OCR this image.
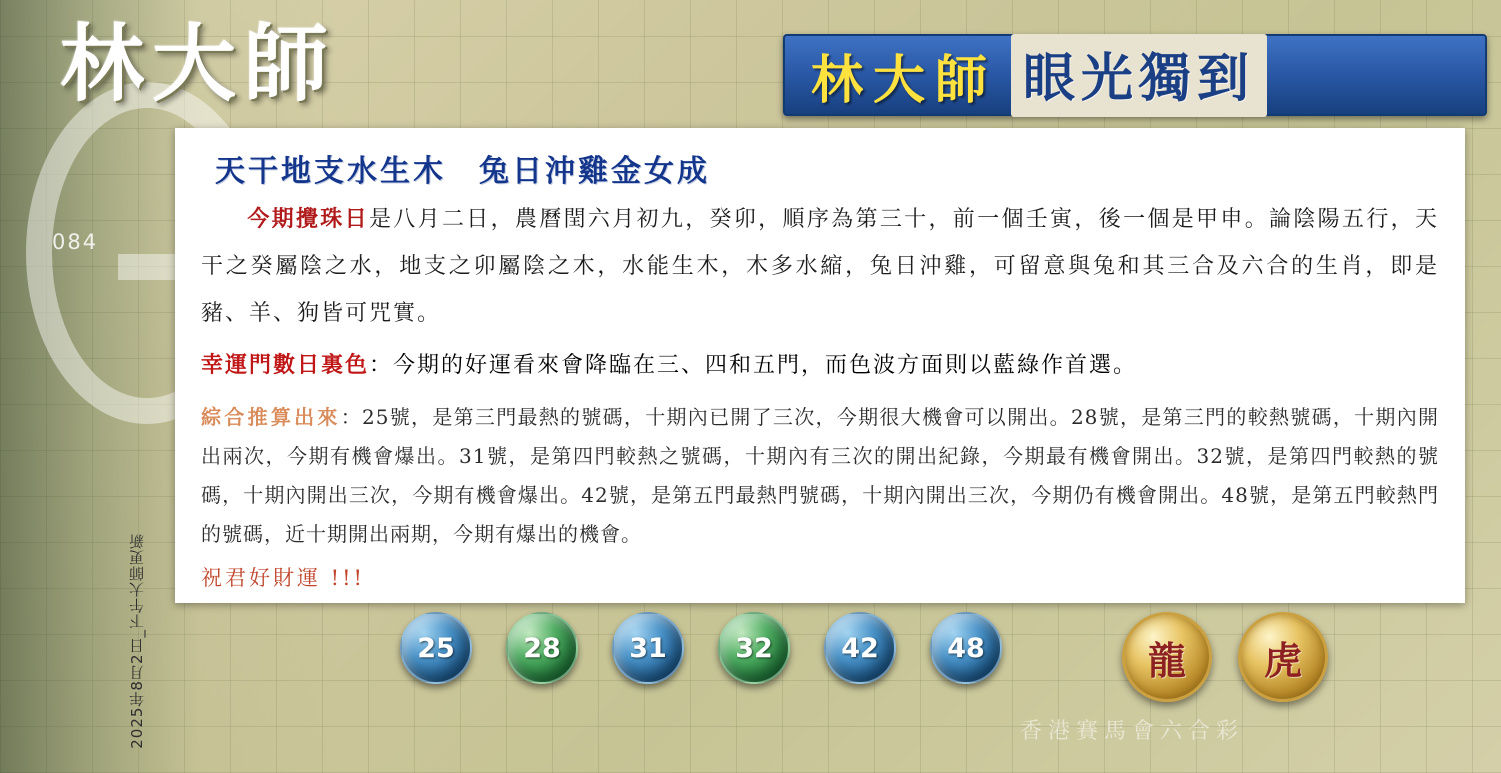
084
2025年8月2日_下午大師更新
林大師	林大師 眼光獨到
天干地支水生木　兔日沖雞金女成

今期攪珠日是八月二日，農曆閏六月初九，癸卯，順序為第三十，前一個壬寅，後一個是甲申。論陰陽五行，天干之癸屬陰之水，地支之卯屬陰之木，水能生木，木多水縮，兔日沖雞，可留意與兔和其三合及六合的生肖，即是豬、羊、狗皆可咒實。

幸運門數日裏色：今期的好運看來會降臨在三、四和五門，而色波方面則以藍綠作首選。
綜合推算出來：25號，是第三門最熱的號碼，十期內已開了三次，今期很大機會可以開出。28號，是第三門的較熱號碼，十期內開出兩次，今期有機會爆出。31號，是第四門較熱之號碼，十期內有三次的開出紀錄，今期最有機會開出。32號，是第四門較熱的號碼，十期內開出三次，今期有機會爆出。42號，是第五門最熱門號碼，十期內開出三次，今期仍有機會開出。48號，是第五門較熱門的號碼，近十期開出兩期，今期有爆出的機會。
祝君好財運 !!!
25	28	31	32	42	48	龍 虎
香港賽馬會六合彩
